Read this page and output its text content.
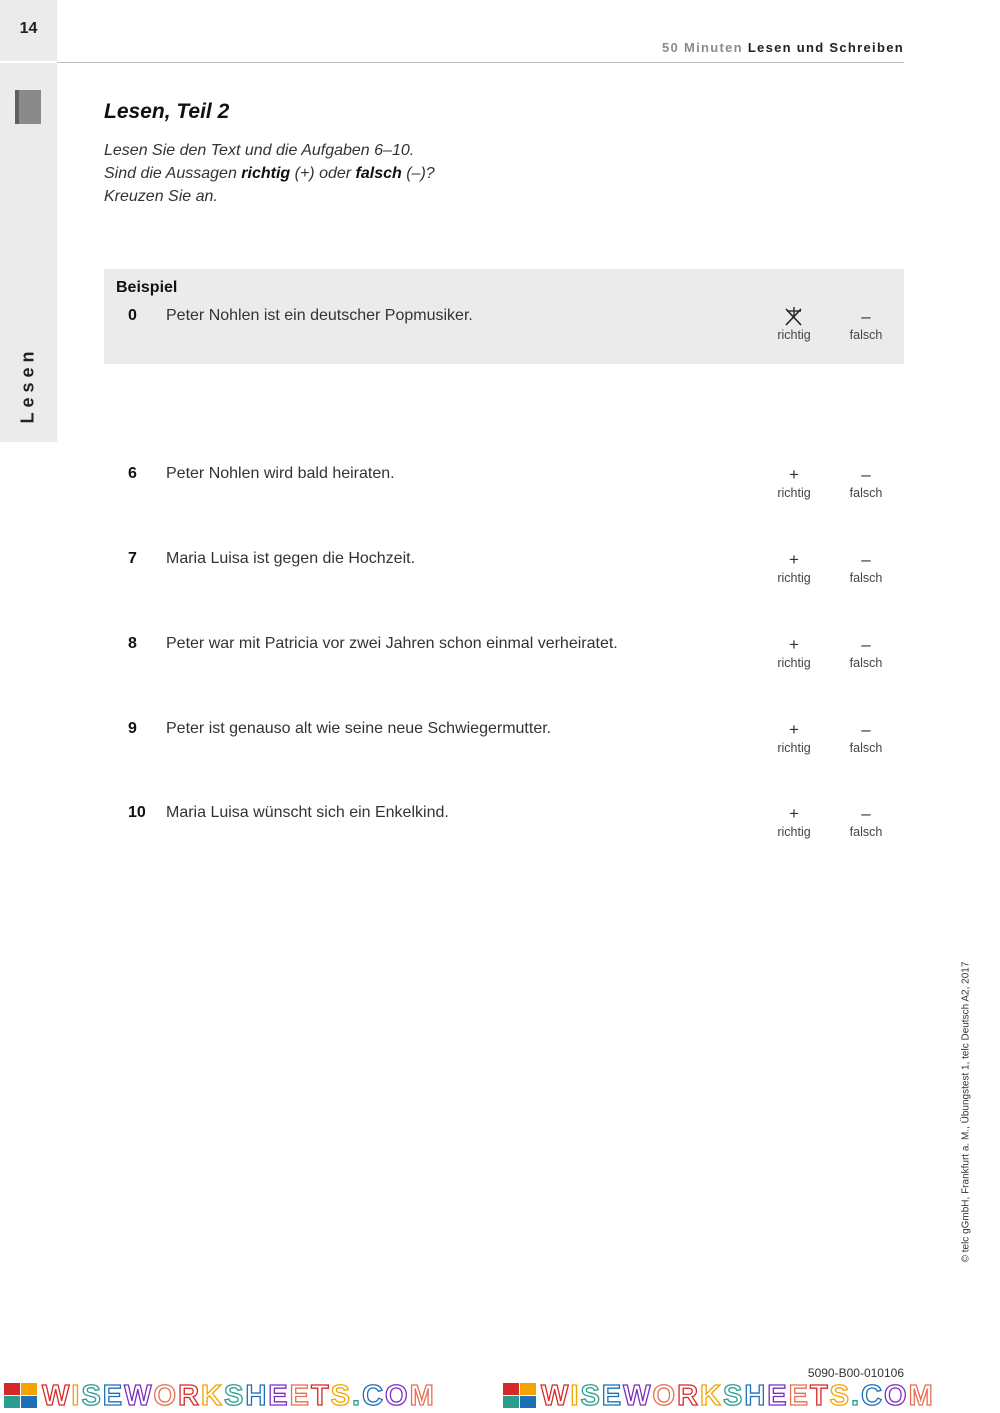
14
Lesen
50 Minuten Lesen und Schreiben
Lesen, Teil 2
Lesen Sie den Text und die Aufgaben 6–10.
Sind die Aussagen richtig (+) oder falsch (–)?
Kreuzen Sie an.
Beispiel
0 Peter Nohlen ist ein deutscher Popmusiker.
richtig
–
falsch
6 Peter Nohlen wird bald heiraten.	+
richtig
–
falsch
7 Maria Luisa ist gegen die Hochzeit.	+
richtig
–
falsch
8 Peter war mit Patricia vor zwei Jahren schon einmal verheiratet.	+
richtig
–
falsch
9 Peter ist genauso alt wie seine neue Schwiegermutter.	+
richtig
–
falsch
10 Maria Luisa wünscht sich ein Enkelkind.	+
richtig
–
falsch
© telc gGmbH, Frankfurt a. M., Übungstest 1, telc Deutsch A2, 2017
5090-B00-010106
WISEWORKSHEETS.COM	WISEWORKSHEETS.COM
